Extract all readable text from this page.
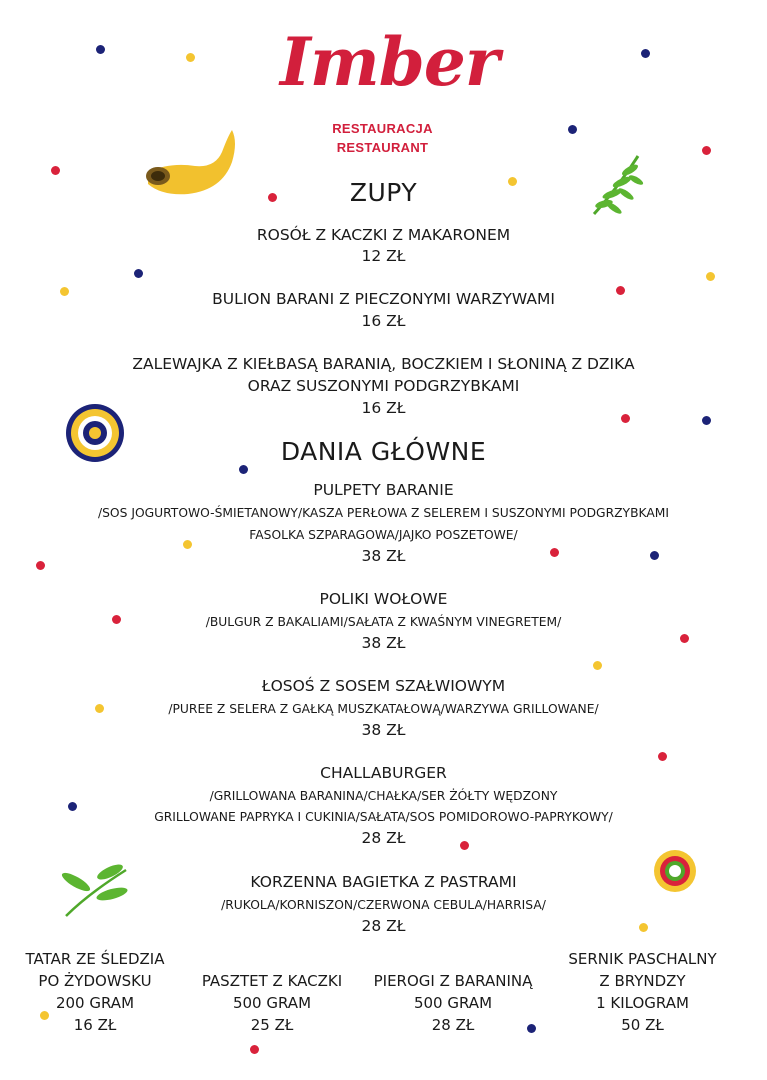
Imber
RESTAURACJA
RESTAURANT
ZUPY
ROSÓŁ Z KACZKI Z MAKARONEM
12 ZŁ
BULION BARANI Z PIECZONYMI WARZYWAMI
16 ZŁ
ZALEWAJKA Z KIEŁBASĄ BARANIĄ, BOCZKIEM I SŁONINĄ Z DZIKA
ORAZ SUSZONYMI PODGRZYBKAMI
16 ZŁ
DANIA GŁÓWNE
PULPETY BARANIE
/SOS JOGURTOWO-ŚMIETANOWY/KASZA PERŁOWA Z SELEREM I SUSZONYMI PODGRZYBKAMI
FASOLKA SZPARAGOWA/JAJKO POSZETOWE/
38 ZŁ
POLIKI WOŁOWE
/BULGUR Z BAKALIAMI/SAŁATA Z KWAŚNYM VINEGRETEM/
38 ZŁ
ŁOSOŚ Z SOSEM SZAŁWIOWYM
/PUREE Z SELERA Z GAŁKĄ MUSZKATAŁOWĄ/WARZYWA GRILLOWANE/
38 ZŁ
CHALLABURGER
/GRILLOWANA BARANINA/CHAŁKA/SER ŻÓŁTY WĘDZONY
GRILLOWANE PAPRYKA I CUKINIA/SAŁATA/SOS POMIDOROWO-PAPRYKOWY/
28 ZŁ
KORZENNA BAGIETKA Z PASTRAMI
/RUKOLA/KORNISZON/CZERWONA CEBULA/HARRISA/
28 ZŁ
TATAR ZE ŚLEDZIA
PO ŻYDOWSKU
200 GRAM
16 ZŁ
PASZTET Z KACZKI
500 GRAM
25 ZŁ
PIEROGI Z BARANINĄ
500 GRAM
28 ZŁ
SERNIK PASCHALNY
Z BRYNDZY
1 KILOGRAM
50 ZŁ
